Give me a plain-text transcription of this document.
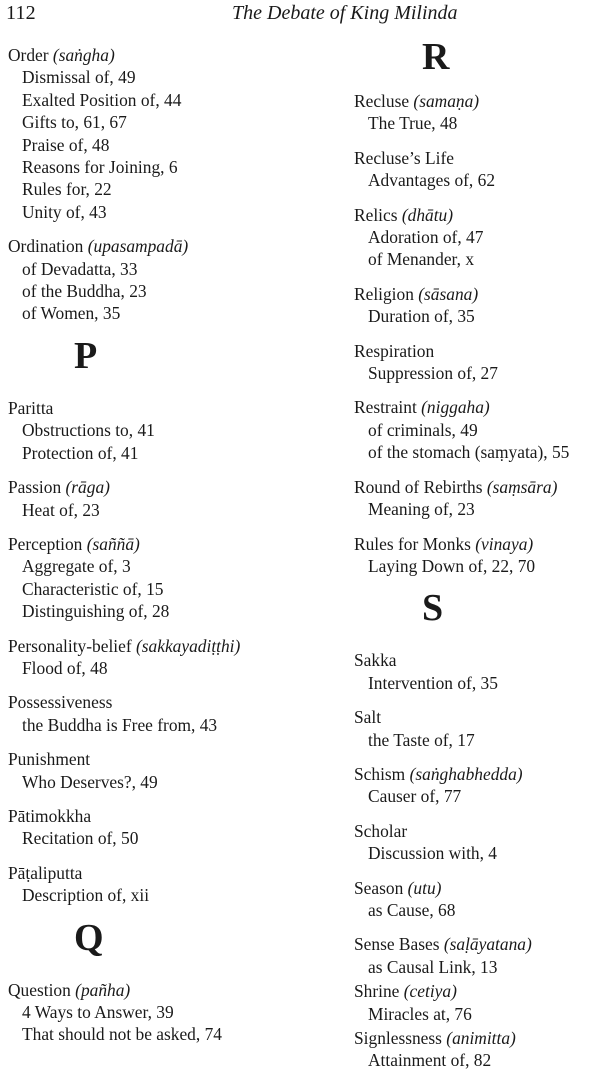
112	The Debate of King Milinda
Order (saṅgha)
Dismissal of, 49
Exalted Position of, 44
Gifts to, 61, 67
Praise of, 48
Reasons for Joining, 6
Rules for, 22
Unity of, 43
Ordination (upasampadā)
of Devadatta, 33
of the Buddha, 23
of Women, 35
P
Paritta
Obstructions to, 41
Protection of, 41
Passion (rāga)
Heat of, 23
Perception (saññā)
Aggregate of, 3
Characteristic of, 15
Distinguishing of, 28
Personality-belief (sakkayadiṭṭhi)
Flood of, 48
Possessiveness
the Buddha is Free from, 43
Punishment
Who Deserves?, 49
Pātimokkha
Recitation of, 50
Pāṭaliputta
Description of, xii
Q
Question (pañha)
4 Ways to Answer, 39
That should not be asked, 74
R
Recluse (samaṇa)
The True, 48
Recluse’s Life
Advantages of, 62
Relics (dhātu)
Adoration of, 47
of Menander, x
Religion (sāsana)
Duration of, 35
Respiration
Suppression of, 27
Restraint (niggaha)
of criminals, 49
of the stomach (saṃyata), 55
Round of Rebirths (saṃsāra)
Meaning of, 23
Rules for Monks (vinaya)
Laying Down of, 22, 70
S
Sakka
Intervention of, 35
Salt
the Taste of, 17
Schism (saṅghabhedda)
Causer of, 77
Scholar
Discussion with, 4
Season (utu)
as Cause, 68
Sense Bases (saḷāyatana)
as Causal Link, 13
Shrine (cetiya)
Miracles at, 76
Signlessness (animitta)
Attainment of, 82
